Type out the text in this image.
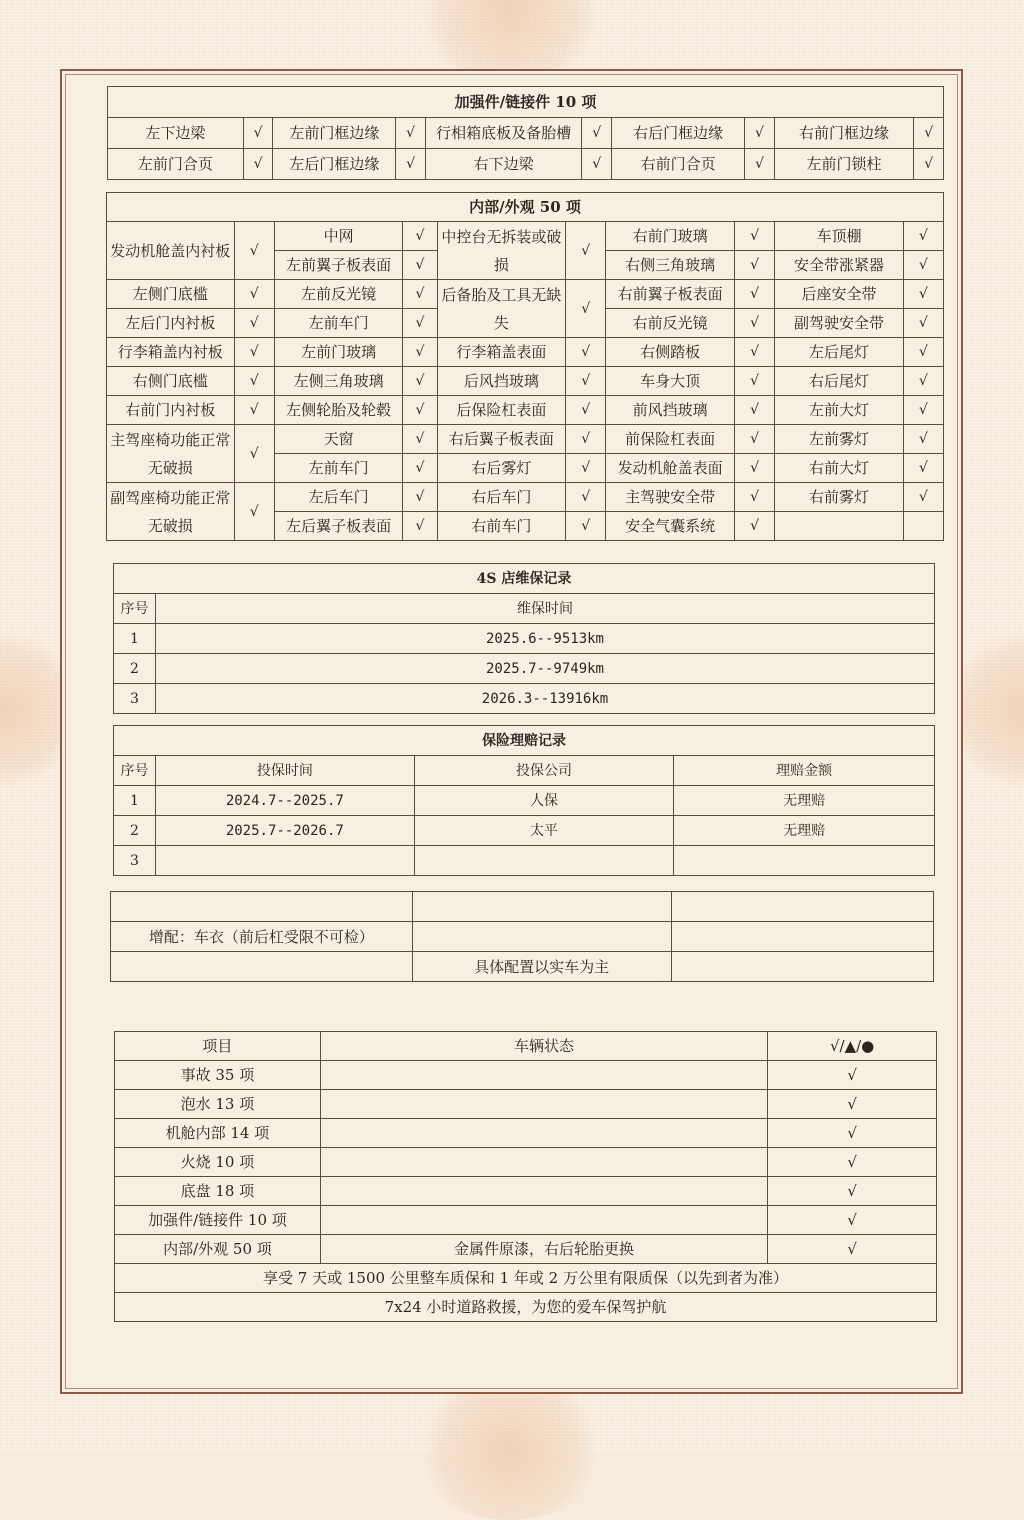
加强件/链接件 10 项									
左下边梁	√	左前门框边缘	√	行相箱底板及备胎槽	√	右后门框边缘	√	右前门框边缘	√
左前门合页	√	左后门框边缘	√	右下边梁	√	右前门合页	√	左前门锁柱	√
内部/外观 50 项									
发动机舱盖内衬板	√	中网	√	中控台无拆装或破损	√	右前门玻璃	√	车顶棚	√
		左前翼子板表面	√			右侧三角玻璃	√	安全带涨紧器	√
左侧门底槛	√	左前反光镜	√	后备胎及工具无缺失	√	右前翼子板表面	√	后座安全带	√
左后门内衬板	√	左前车门	√			右前反光镜	√	副驾驶安全带	√
行李箱盖内衬板	√	左前门玻璃	√	行李箱盖表面	√	右侧踏板	√	左后尾灯	√
右侧门底槛	√	左侧三角玻璃	√	后风挡玻璃	√	车身大顶	√	右后尾灯	√
右前门内衬板	√	左侧轮胎及轮毂	√	后保险杠表面	√	前风挡玻璃	√	左前大灯	√
主驾座椅功能正常无破损	√	天窗	√	右后翼子板表面	√	前保险杠表面	√	左前雾灯	√
		左前车门	√	右后雾灯	√	发动机舱盖表面	√	右前大灯	√
副驾座椅功能正常无破损	√	左后车门	√	右后车门	√	主驾驶安全带	√	右前雾灯	√
		左后翼子板表面	√	右前车门	√	安全气囊系统	√		
4S 店维保记录	
序号	维保时间
1	2025.6--9513km
2	2025.7--9749km
3	2026.3--13916km
保险理赔记录			
序号	投保时间	投保公司	理赔金额
1	2024.7--2025.7	人保	无理赔
2	2025.7--2026.7	太平	无理赔
3			

增配：车衣（前后杠受限不可检）		
	具体配置以实车为主	
项目	车辆状态	√/▲/●
事故 35 项		√
泡水 13 项		√
机舱内部 14 项		√
火烧 10 项		√
底盘 18 项		√
加强件/链接件 10 项		√
内部/外观 50 项	金属件原漆，右后轮胎更换	√
享受 7 天或 1500 公里整车质保和 1 年或 2 万公里有限质保（以先到者为准）		
7x24 小时道路救援，为您的爱车保驾护航		
